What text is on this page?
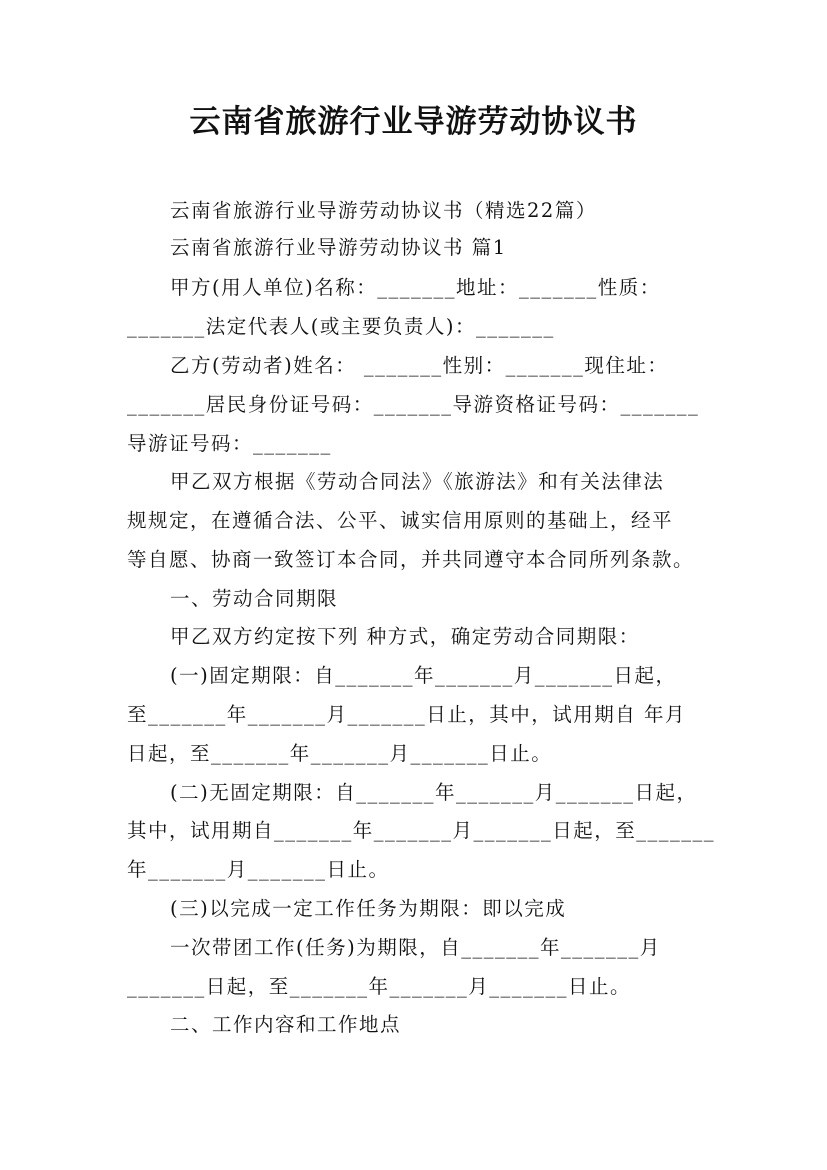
云南省旅游行业导游劳动协议书
云南省旅游行业导游劳动协议书（精选22篇）
云南省旅游行业导游劳动协议书 篇1
甲方(用人单位)名称：_______地址：_______性质：
_______法定代表人(或主要负责人)：_______
乙方(劳动者)姓名： _______性别：_______现住址：
_______居民身份证号码：_______导游资格证号码：_______
导游证号码：_______
甲乙双方根据《劳动合同法》《旅游法》和有关法律法
规规定，在遵循合法、公平、诚实信用原则的基础上，经平
等自愿、协商一致签订本合同，并共同遵守本合同所列条款。
一、劳动合同期限
甲乙双方约定按下列 种方式，确定劳动合同期限：
(一)固定期限：自_______年_______月_______日起，
至_______年_______月_______日止，其中，试用期自 年月
日起，至_______年_______月_______日止。
(二)无固定期限：自_______年_______月_______日起，
其中，试用期自_______年_______月_______日起，至_______
年_______月_______日止。
(三)以完成一定工作任务为期限：即以完成
一次带团工作(任务)为期限，自_______年_______月
_______日起，至_______年_______月_______日止。
二、工作内容和工作地点
